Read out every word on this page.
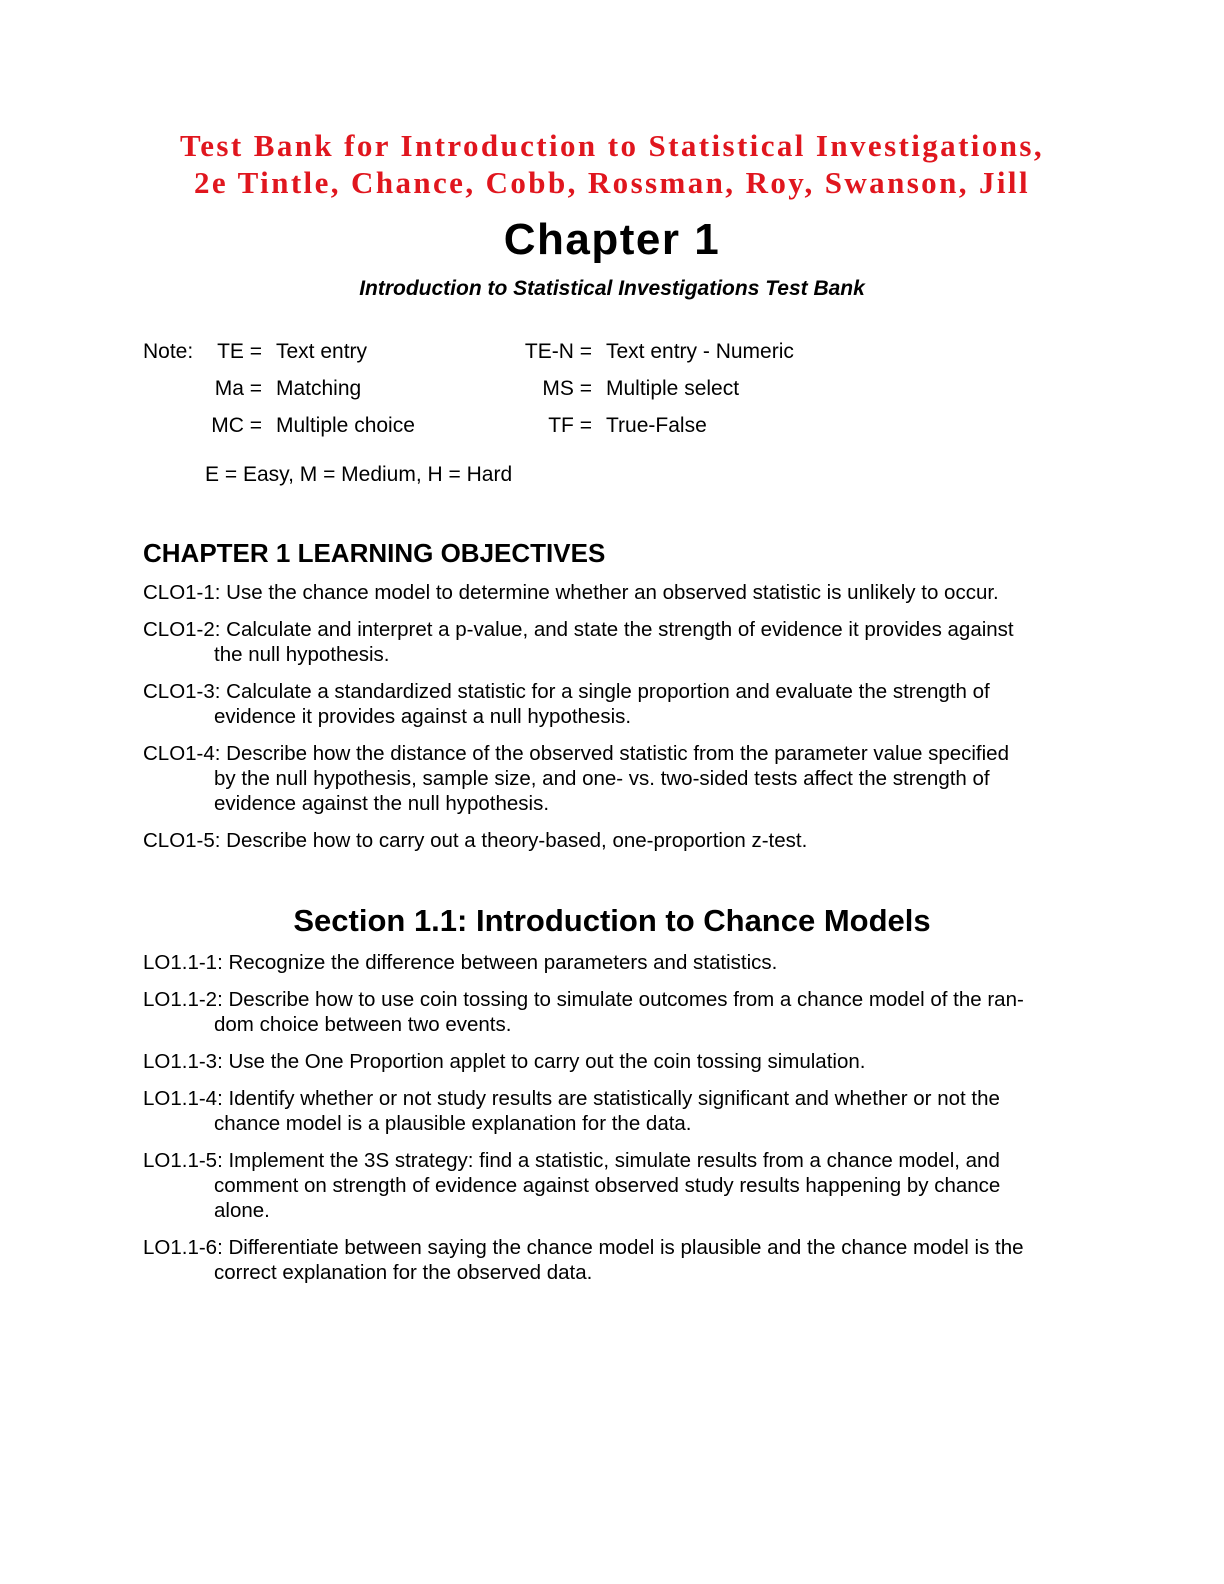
Test Bank for Introduction to Statistical Investigations,
2e Tintle, Chance, Cobb, Rossman, Roy, Swanson, Jill
Chapter 1
Introduction to Statistical Investigations Test Bank
Note:	TE = Text entry
Ma = Matching
MC = Multiple choice
TE-N = Text entry - Numeric
MS = Multiple select
TF = True-False
E = Easy, M = Medium, H = Hard
CHAPTER 1 LEARNING OBJECTIVES
CLO1-1: Use the chance model to determine whether an observed statistic is unlikely to occur.
CLO1-2: Calculate and interpret a p-value, and state the strength of evidence it provides against
the null hypothesis.
CLO1-3: Calculate a standardized statistic for a single proportion and evaluate the strength of
evidence it provides against a null hypothesis.
CLO1-4: Describe how the distance of the observed statistic from the parameter value specified
by the null hypothesis, sample size, and one- vs. two-sided tests affect the strength of
evidence against the null hypothesis.
CLO1-5: Describe how to carry out a theory-based, one-proportion z-test.
Section 1.1: Introduction to Chance Models
LO1.1-1: Recognize the difference between parameters and statistics.
LO1.1-2: Describe how to use coin tossing to simulate outcomes from a chance model of the ran-
dom choice between two events.
LO1.1-3: Use the One Proportion applet to carry out the coin tossing simulation.
LO1.1-4: Identify whether or not study results are statistically significant and whether or not the
chance model is a plausible explanation for the data.
LO1.1-5: Implement the 3S strategy: find a statistic, simulate results from a chance model, and
comment on strength of evidence against observed study results happening by chance
alone.
LO1.1-6: Differentiate between saying the chance model is plausible and the chance model is the
correct explanation for the observed data.
